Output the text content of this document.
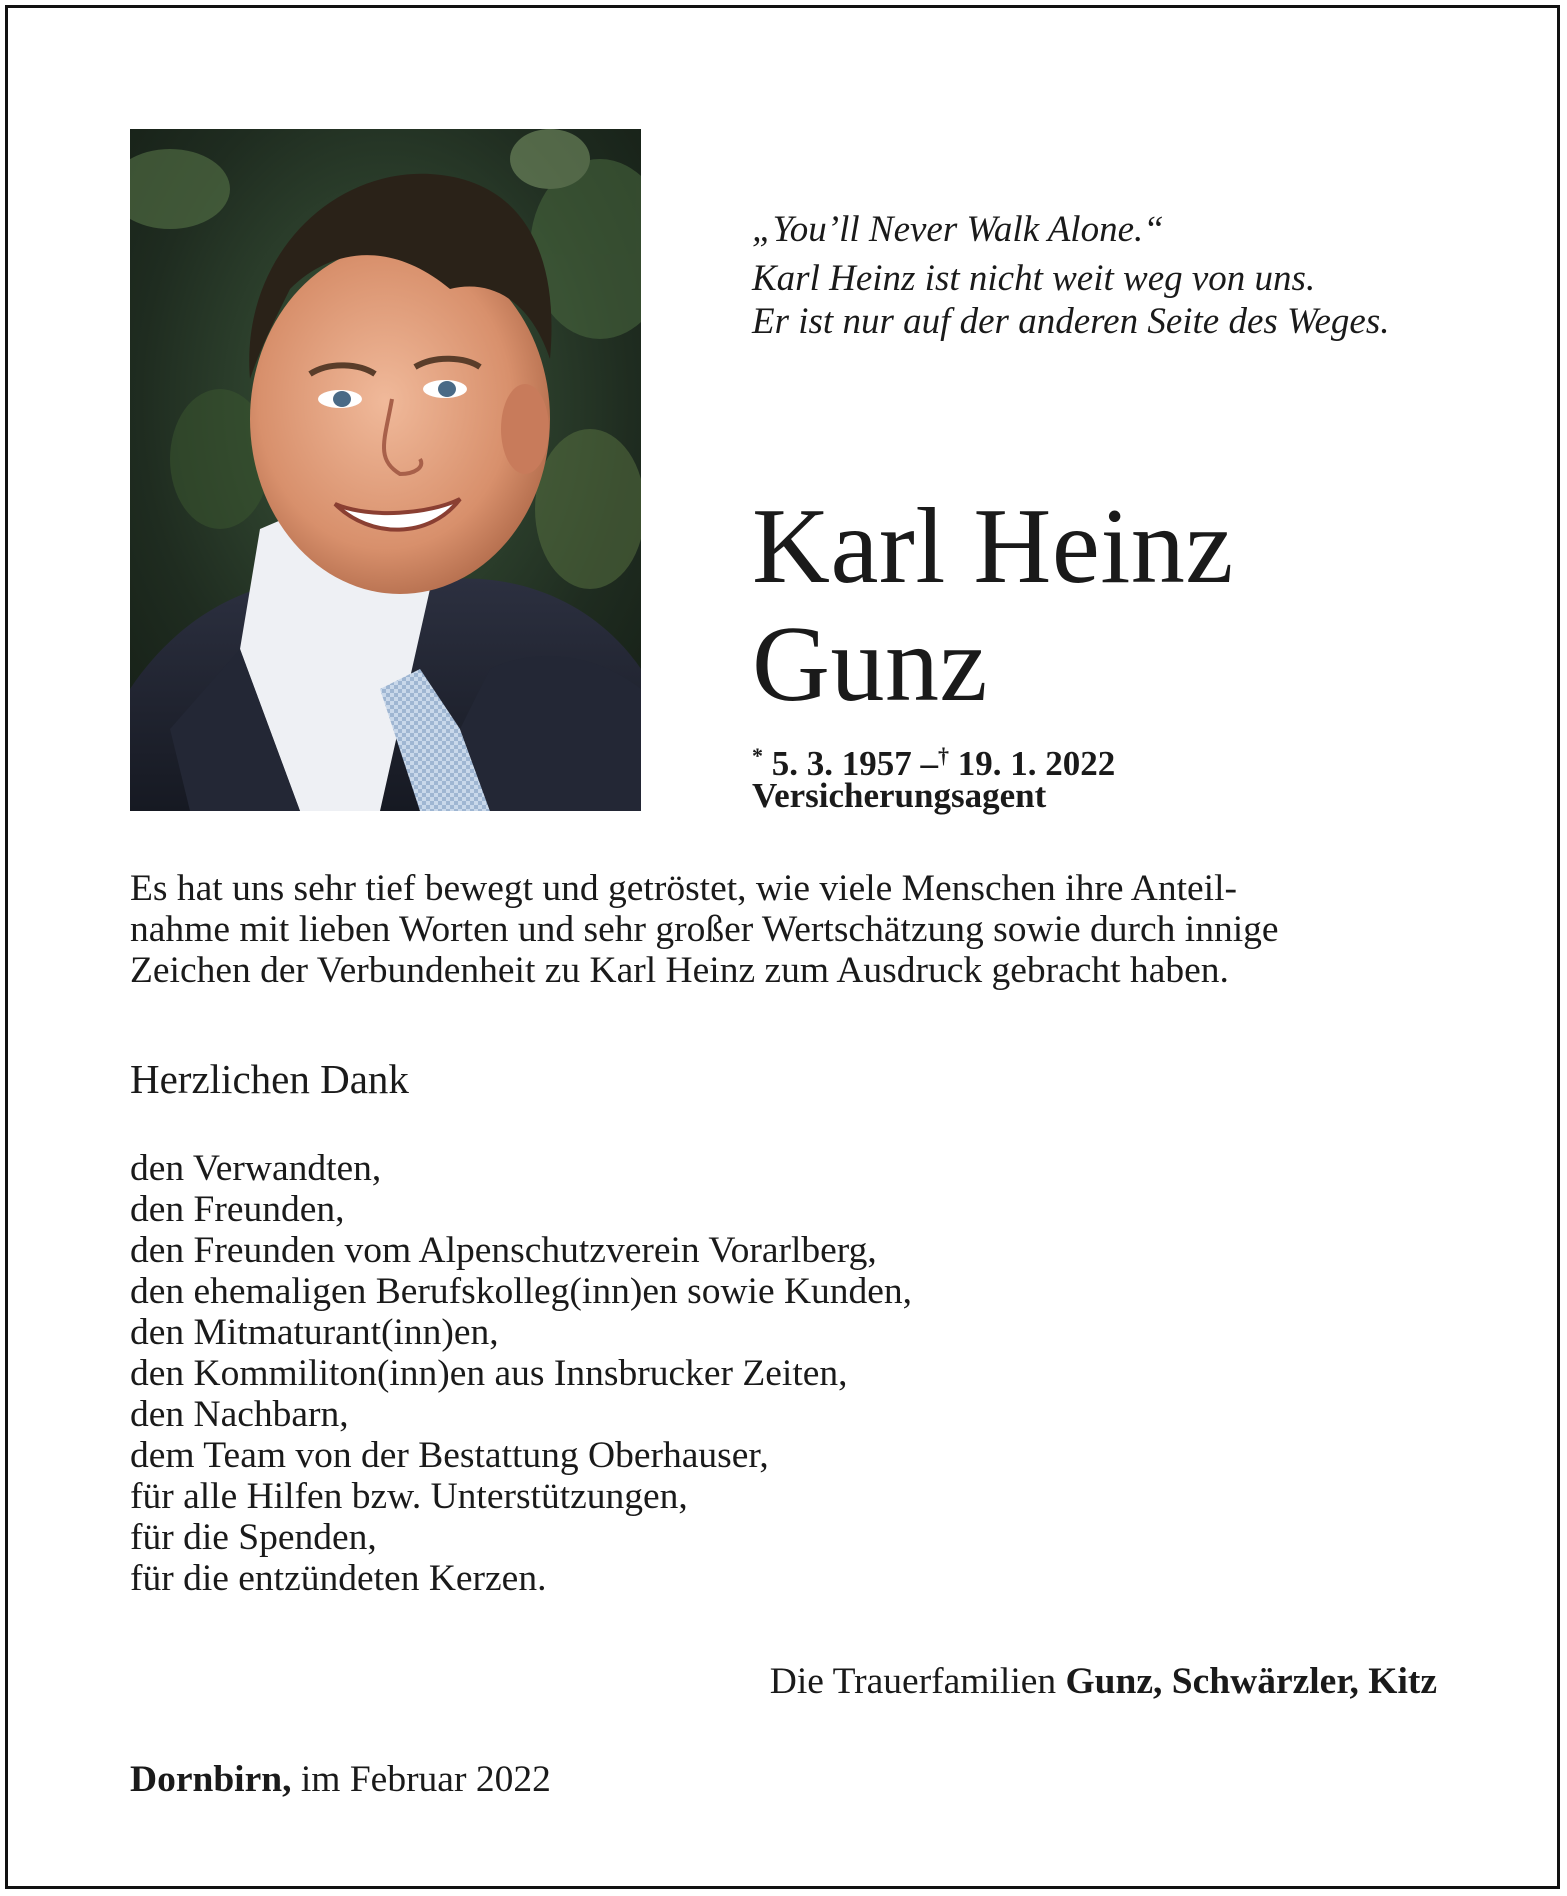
„You’ll Never Walk Alone.“
Karl Heinz ist nicht weit weg von uns.
Er ist nur auf der anderen Seite des Weges.
Karl Heinz
Gunz
* 5. 3. 1957 –† 19. 1. 2022
Versicherungsagent
Es hat uns sehr tief bewegt und getröstet, wie viele Menschen ihre Anteil-
nahme mit lieben Worten und sehr großer Wertschätzung sowie durch innige
Zeichen der Verbundenheit zu Karl Heinz zum Ausdruck gebracht haben.
Herzlichen Dank
den Verwandten,
den Freunden,
den Freunden vom Alpenschutzverein Vorarlberg,
den ehemaligen Berufskolleg(inn)en sowie Kunden,
den Mitmaturant(inn)en,
den Kommiliton(inn)en aus Innsbrucker Zeiten,
den Nachbarn,
dem Team von der Bestattung Oberhauser,
für alle Hilfen bzw. Unterstützungen,
für die Spenden,
für die entzündeten Kerzen.
Die Trauerfamilien Gunz, Schwärzler, Kitz
Dornbirn, im Februar 2022
